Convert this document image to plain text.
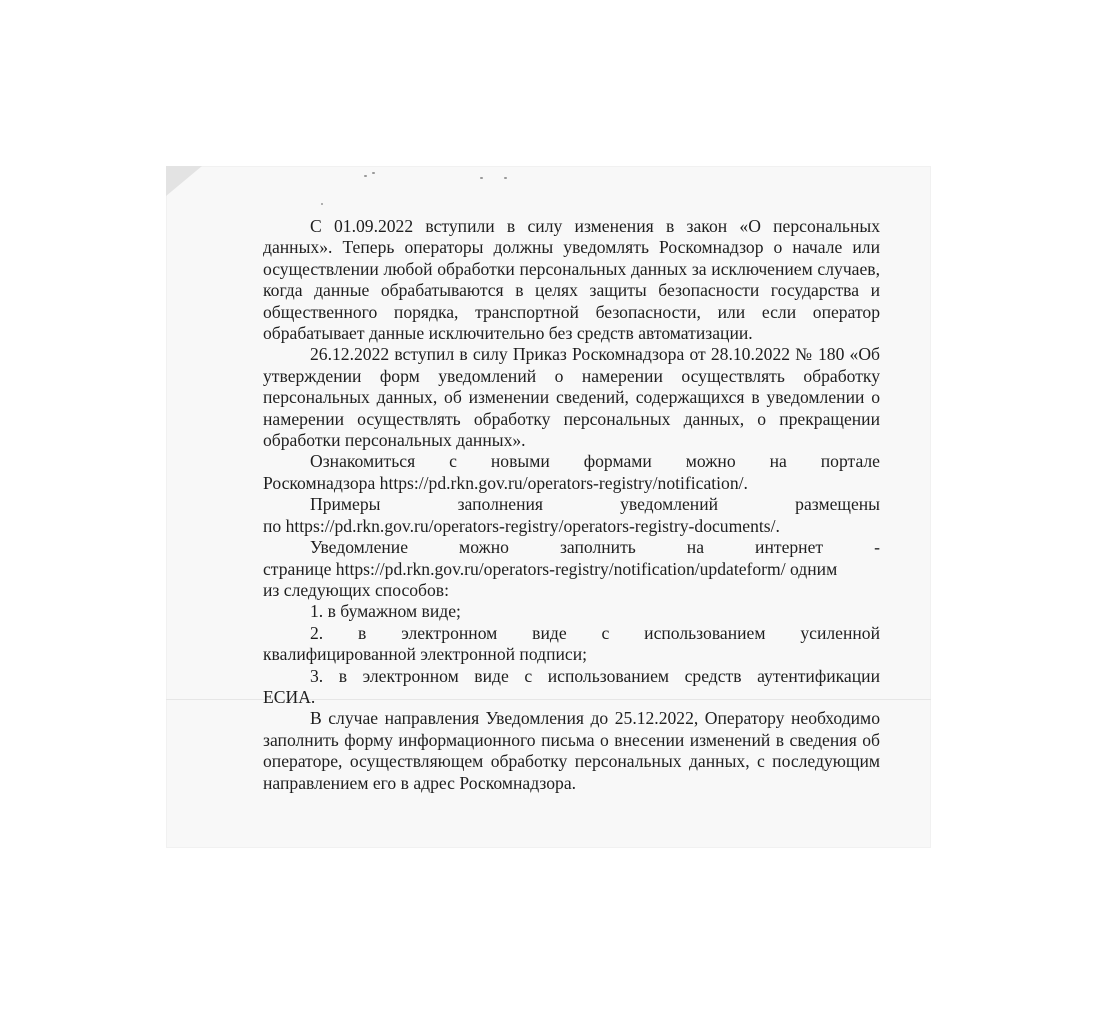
С 01.09.2022 вступили в силу изменения в закон «О персональных данных». Теперь операторы должны уведомлять Роскомнадзор о начале или осуществлении любой обработки персональных данных за исключением случаев, когда данные обрабатываются в целях защиты безопасности государства и общественного порядка, транспортной безопасности, или если оператор обрабатывает данные исключительно без средств автоматизации.

26.12.2022 вступил в силу Приказ Роскомнадзора от 28.10.2022 № 180 «Об утверждении форм уведомлений о намерении осуществлять обработку персональных данных, об изменении сведений, содержащихся в уведомлении о намерении осуществлять обработку персональных данных, о прекращении обработки персональных данных».

Ознакомиться с новыми формами можно на портале
Роскомнадзора https://pd.rkn.gov.ru/operators-registry/notification/.
Примеры заполнения уведомлений размещены
по https://pd.rkn.gov.ru/operators-registry/operators-registry-documents/.
Уведомление можно заполнить на интернет -
странице https://pd.rkn.gov.ru/operators-registry/notification/updateform/ одним
из следующих способов:
1. в бумажном виде;
2. в электронном виде с использованием усиленной
квалифицированной электронной подписи;
3. в электронном виде с использованием средств аутентификации
ЕСИА.

В случае направления Уведомления до 25.12.2022, Оператору необходимо заполнить форму информационного письма о внесении изменений в сведения об операторе, осуществляющем обработку персональных данных, с последующим направлением его в адрес Роскомнадзора.
